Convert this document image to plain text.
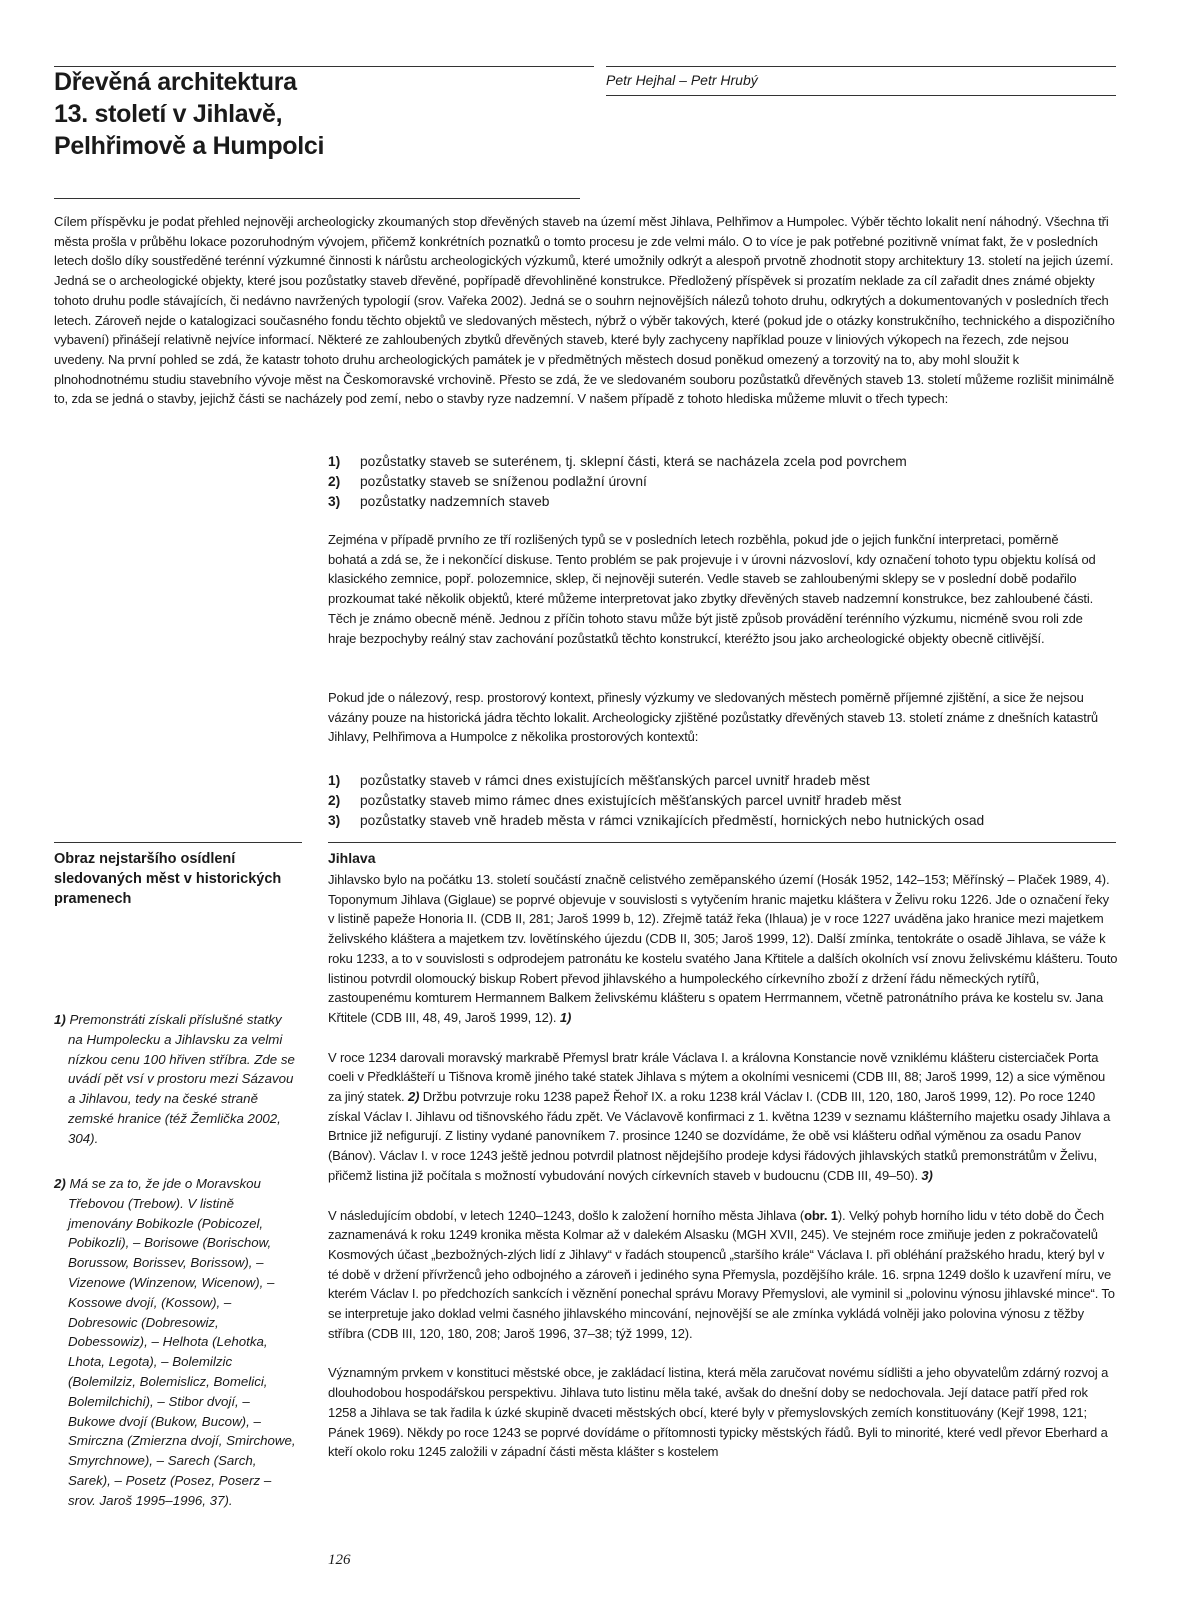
Dřevěná architektura
13. století v Jihlavě,
Pelhřimově a Humpolci
Petr Hejhal – Petr Hrubý
Cílem příspěvku je podat přehled nejnověji archeologicky zkoumaných stop dřevěných staveb na území měst Jihlava, Pelhřimov a Humpolec. Výběr těchto lokalit není náhodný. Všechna tři města prošla v průběhu lokace pozoruhodným vývojem, přičemž konkrétních poznatků o tomto procesu je zde velmi málo. O to více je pak potřebné pozitivně vnímat fakt, že v posledních letech došlo díky soustředěné terénní výzkumné činnosti k nárůstu archeologických výzkumů, které umožnily odkrýt a alespoň prvotně zhodnotit stopy architektury 13. století na jejich území. Jedná se o archeologické objekty, které jsou pozůstatky staveb dřevěné, popřípadě dřevohliněné konstrukce. Předložený příspěvek si prozatím neklade za cíl zařadit dnes známé objekty tohoto druhu podle stávajících, či nedávno navržených typologií (srov. Vařeka 2002). Jedná se o souhrn nejnovějších nálezů tohoto druhu, odkrytých a dokumentovaných v posledních třech letech. Zároveň nejde o katalogizaci současného fondu těchto objektů ve sledovaných městech, nýbrž o výběr takových, které (pokud jde o otázky konstrukčního, technického a dispozičního vybavení) přinášejí relativně nejvíce informací. Některé ze zahloubených zbytků dřevěných staveb, které byly zachyceny například pouze v liniových výkopech na řezech, zde nejsou uvedeny. Na první pohled se zdá, že katastr tohoto druhu archeologických památek je v předmětných městech dosud poněkud omezený a torzovitý na to, aby mohl sloužit k plnohodnotnému studiu stavebního vývoje měst na Českomoravské vrchovině. Přesto se zdá, že ve sledovaném souboru pozůstatků dřevěných staveb 13. století můžeme rozlišit minimálně to, zda se jedná o stavby, jejichž části se nacházely pod zemí, nebo o stavby ryze nadzemní. V našem případě z tohoto hlediska můžeme mluvit o třech typech:
1)	pozůstatky staveb se suterénem, tj. sklepní části, která se nacházela zcela pod povrchem
2)	pozůstatky staveb se sníženou podlažní úrovní
3)	pozůstatky nadzemních staveb
Zejména v případě prvního ze tří rozlišených typů se v posledních letech rozběhla, pokud jde o jejich funkční interpretaci, poměrně bohatá a zdá se, že i nekončící diskuse. Tento problém se pak projevuje i v úrovni názvosloví, kdy označení tohoto typu objektu kolísá od klasického zemnice, popř. polozemnice, sklep, či nejnověji suterén. Vedle staveb se zahloubenými sklepy se v poslední době podařilo prozkoumat také několik objektů, které můžeme interpretovat jako zbytky dřevěných staveb nadzemní konstrukce, bez zahloubené části. Těch je známo obecně méně. Jednou z příčin tohoto stavu může být jistě způsob provádění terénního výzkumu, nicméně svou roli zde hraje bezpochyby reálný stav zachování pozůstatků těchto konstrukcí, kteréžto jsou jako archeologické objekty obecně citlivější.
Pokud jde o nálezový, resp. prostorový kontext, přinesly výzkumy ve sledovaných městech poměrně příjemné zjištění, a sice že nejsou vázány pouze na historická jádra těchto lokalit. Archeologicky zjištěné pozůstatky dřevěných staveb 13. století známe z dnešních katastrů Jihlavy, Pelhřimova a Humpolce z několika prostorových kontextů:
1)	pozůstatky staveb v rámci dnes existujících měšťanských parcel uvnitř hradeb měst
2)	pozůstatky staveb mimo rámec dnes existujících měšťanských parcel uvnitř hradeb měst
3)	pozůstatky staveb vně hradeb města v rámci vznikajících předměstí, hornických nebo hutnických osad
Obraz nejstaršího osídlení sledovaných měst v historických pramenech
Jihlava

Jihlavsko bylo na počátku 13. století součástí značně celistvého zeměpanského území (Hosák 1952, 142–153; Měřínský – Plaček 1989, 4). Toponymum Jihlava (Giglaue) se poprvé objevuje v souvislosti s vytyčením hranic majetku kláštera v Želivu roku 1226. Jde o označení řeky v listině papeže Honoria II. (CDB II, 281; Jaroš 1999 b, 12). Zřejmě tatáž řeka (Ihlaua) je v roce 1227 uváděna jako hranice mezi majetkem želivského kláštera a majetkem tzv. lovětínského újezdu (CDB II, 305; Jaroš 1999, 12). Další zmínka, tentokráte o osadě Jihlava, se váže k roku 1233, a to v souvislosti s odprodejem patronátu ke kostelu svatého Jana Křtitele a dalších okolních vsí znovu želivskému klášteru. Touto listinou potvrdil olomoucký biskup Robert převod jihlavského a humpoleckého církevního zboží z držení řádu německých rytířů, zastoupenému komturem Hermannem Balkem želivskému klášteru s opatem Herrmannem, včetně patronátního práva ke kostelu sv. Jana Křtitele (CDB III, 48, 49, Jaroš 1999, 12). 1)

V roce 1234 darovali moravský markrabě Přemysl bratr krále Václava I. a královna Konstancie nově vzniklému klášteru cisterciaček Porta coeli v Předklášteří u Tišnova kromě jiného také statek Jihlava s mýtem a okolními vesnicemi (CDB III, 88; Jaroš 1999, 12) a sice výměnou za jiný statek. 2) Držbu potvrzuje roku 1238 papež Řehoř IX. a roku 1238 král Václav I. (CDB III, 120, 180, Jaroš 1999, 12). Po roce 1240 získal Václav I. Jihlavu od tišnovského řádu zpět. Ve Václavově konfirmaci z 1. května 1239 v seznamu klášterního majetku osady Jihlava a Brtnice již nefigurují. Z listiny vydané panovníkem 7. prosince 1240 se dozvídáme, že obě vsi klášteru odňal výměnou za osadu Panov (Bánov). Václav I. v roce 1243 ještě jednou potvrdil platnost nějdejšího prodeje kdysi řádových jihlavských statků premonstrátům v Želivu, přičemž listina již počítala s možností vybudování nových církevních staveb v budoucnu (CDB III, 49–50). 3)

V následujícím období, v letech 1240–1243, došlo k založení horního města Jihlava (obr. 1). Velký pohyb horního lidu v této době do Čech zaznamenává k roku 1249 kronika města Kolmar až v dalekém Alsasku (MGH XVII, 245). Ve stejném roce zmiňuje jeden z pokračovatelů Kosmových účast „bezbožných-zlých lidí z Jihlavy“ v řadách stoupenců „staršího krále“ Václava I. při obléhání pražského hradu, který byl v té době v držení přívrženců jeho odbojného a zároveň i jediného syna Přemysla, pozdějšího krále. 16. srpna 1249 došlo k uzavření míru, ve kterém Václav I. po předchozích sankcích i věznění ponechal správu Moravy Přemyslovi, ale vyminil si „polovinu výnosu jihlavské mince“. To se interpretuje jako doklad velmi časného jihlavského mincování, nejnovější se ale zmínka vykládá volněji jako polovina výnosu z těžby stříbra (CDB III, 120, 180, 208; Jaroš 1996, 37–38; týž 1999, 12).

Významným prvkem v konstituci městské obce, je zakládací listina, která měla zaručovat novému sídlišti a jeho obyvatelům zdárný rozvoj a dlouhodobou hospodářskou perspektivu. Jihlava tuto listinu měla také, avšak do dnešní doby se nedochovala. Její datace patří před rok 1258 a Jihlava se tak řadila k úzké skupině dvaceti městských obcí, které byly v přemyslovských zemích konstituovány (Kejř 1998, 121; Pánek 1969). Někdy po roce 1243 se poprvé dovídáme o přítomnosti typicky městských řádů. Byli to minorité, které vedl převor Eberhard a kteří okolo roku 1245 založili v západní části města klášter s kostelem

1) Premonstráti získali příslušné statky na Humpolecku a Jihlavsku za velmi nízkou cenu 100 hřiven stříbra. Zde se uvádí pět vsí v prostoru mezi Sázavou a Jihlavou, tedy na české straně zemské hranice (též Žemlička 2002, 304).
2) Má se za to, že jde o Moravskou Třebovou (Trebow). V listině jmenovány Bobikozle (Pobicozel, Pobikozli), – Borisowe (Borischow, Borussow, Borissev, Borissow), – Vizenowe (Winzenow, Wicenow), – Kossowe dvojí, (Kossow), – Dobresowic (Dobresowiz, Dobessowiz), – Helhota (Lehotka, Lhota, Legota), – Bolemilzic (Bolemilziz, Bolemislicz, Bomelici, Bolemilchichi), – Stibor dvojí, – Bukowe dvojí (Bukow, Bucow), – Smirczna (Zmierzna dvojí, Smirchowe, Smyrchnowe), – Sarech (Sarch, Sarek), – Posetz (Posez, Poserz – srov. Jaroš 1995–1996, 37).
126
